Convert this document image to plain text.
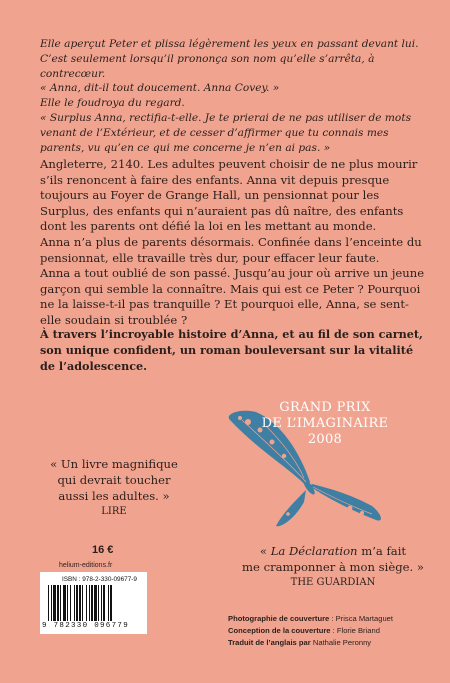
Elle aperçut Peter et plissa légèrement les yeux en passant devant lui.

C’est seulement lorsqu’il prononça son nom qu’elle s’arrêta, à contrecœur.

« Anna, dit-il tout doucement. Anna Covey. »

Elle le foudroya du regard.

« Surplus Anna, rectifia-t-elle. Je te prierai de ne pas utiliser de mots venant de l’Extérieur, et de cesser d’affirmer que tu connais mes parents, vu qu’en ce qui me concerne je n’en ai pas. »

Angleterre, 2140. Les adultes peuvent choisir de ne plus mourir s’ils renoncent à faire des enfants. Anna vit depuis presque toujours au Foyer de Grange Hall, un pensionnat pour les Surplus, des enfants qui n’auraient pas dû naître, des enfants dont les parents ont défié la loi en les mettant au monde.

Anna n’a plus de parents désormais. Confinée dans l’enceinte du pensionnat, elle travaille très dur, pour effacer leur faute.

Anna a tout oublié de son passé. Jusqu’au jour où arrive un jeune garçon qui semble la connaître. Mais qui est ce Peter ? Pourquoi ne la laisse-t-il pas tranquille ? Et pourquoi elle, Anna, se sent-elle soudain si troublée ?

À travers l’incroyable histoire d’Anna, et au fil de son carnet, son unique confident, un roman bouleversant sur la vitalité de l’adolescence.
GRAND PRIX
DE L’IMAGINAIRE
2008
« Un livre magnifique
qui devrait toucher
aussi les adultes. »
LIRE
« La Déclaration m’a fait
me cramponner à mon siège. »
THE GUARDIAN
16 €
helium-editions.fr
ISBN : 978-2-330-09677-9
9 782330 096779
Photographie de couverture : Prisca Martaguet
Conception de la couverture : Florie Briand
Traduit de l’anglais par Nathalie Peronny
